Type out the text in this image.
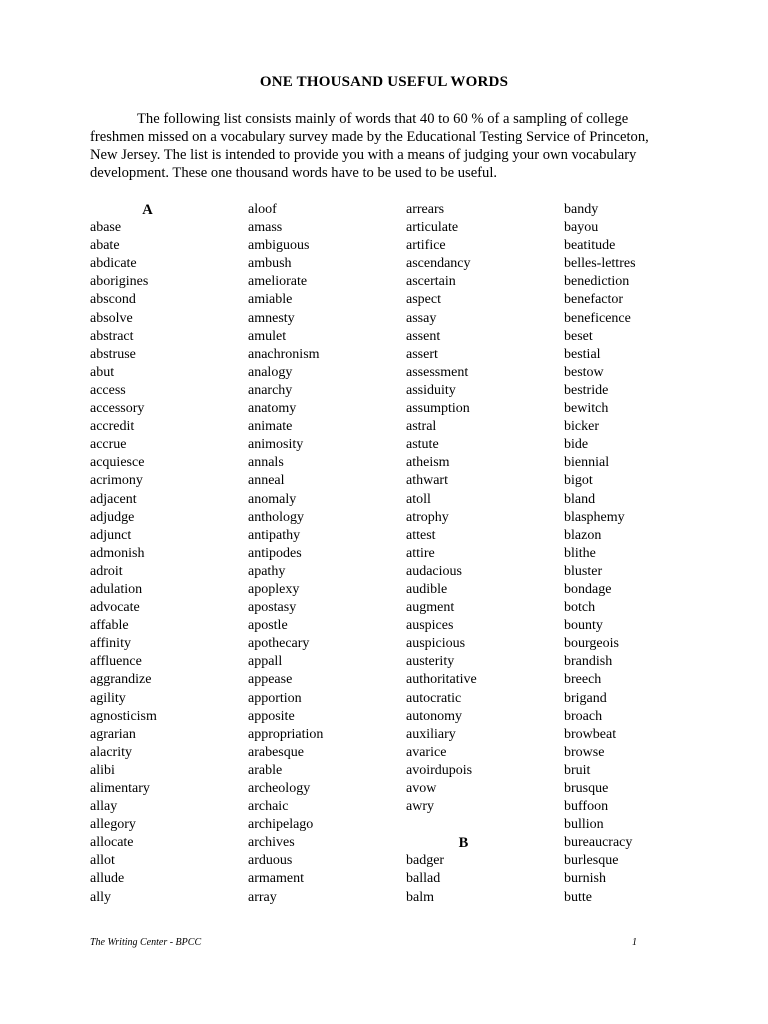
ONE THOUSAND USEFUL WORDS

The following list consists mainly of words that 40 to 60 % of a sampling of college
freshmen missed on a vocabulary survey made by the Educational Testing Service of Princeton,
New Jersey. The list is intended to provide you with a means of judging your own vocabulary
development. These one thousand words have to be used to be useful.

A
abase
abate
abdicate
aborigines
abscond
absolve
abstract
abstruse
abut
access
accessory
accredit
accrue
acquiesce
acrimony
adjacent
adjudge
adjunct
admonish
adroit
adulation
advocate
affable
affinity
affluence
aggrandize
agility
agnosticism
agrarian
alacrity
alibi
alimentary
allay
allegory
allocate
allot
allude
ally
aloof
amass
ambiguous
ambush
ameliorate
amiable
amnesty
amulet
anachronism
analogy
anarchy
anatomy
animate
animosity
annals
anneal
anomaly
anthology
antipathy
antipodes
apathy
apoplexy
apostasy
apostle
apothecary
appall
appease
apportion
apposite
appropriation
arabesque
arable
archeology
archaic
archipelago
archives
arduous
armament
array
arrears
articulate
artifice
ascendancy
ascertain
aspect
assay
assent
assert
assessment
assiduity
assumption
astral
astute
atheism
athwart
atoll
atrophy
attest
attire
audacious
audible
augment
auspices
auspicious
austerity
authoritative
autocratic
autonomy
auxiliary
avarice
avoirdupois
avow
awry
B
badger
ballad
balm
bandy
bayou
beatitude
belles-lettres
benediction
benefactor
beneficence
beset
bestial
bestow
bestride
bewitch
bicker
bide
biennial
bigot
bland
blasphemy
blazon
blithe
bluster
bondage
botch
bounty
bourgeois
brandish
breech
brigand
broach
browbeat
browse
bruit
brusque
buffoon
bullion
bureaucracy
burlesque
burnish
butte
The Writing Center - BPCC	1
